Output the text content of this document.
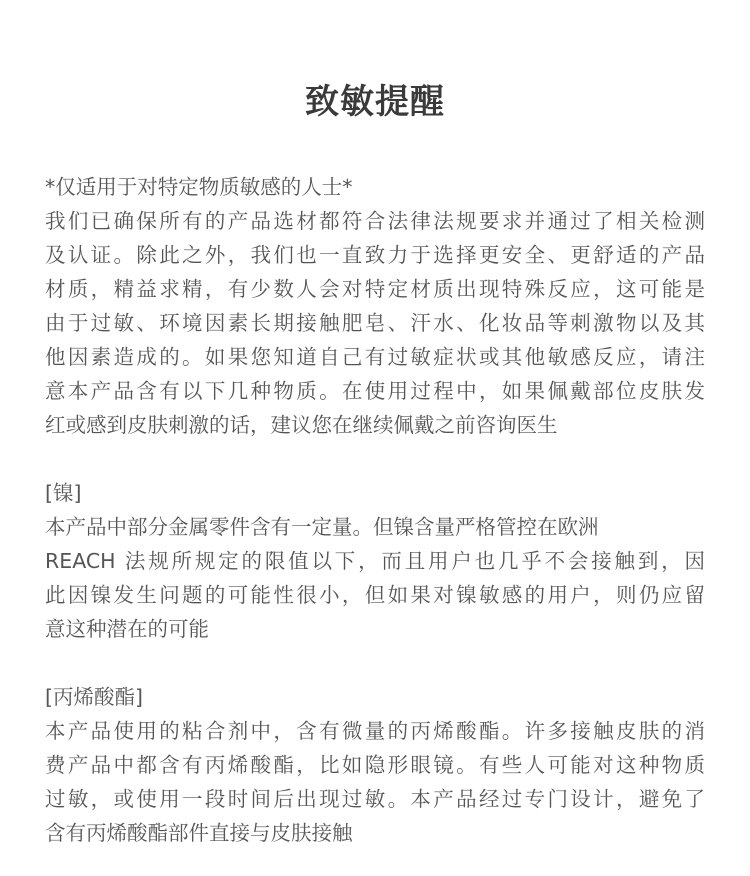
致敏提醒
*仅适用于对特定物质敏感的人士*
我们已确保所有的产品选材都符合法律法规要求并通过了相关检测
及认证。除此之外，我们也一直致力于选择更安全、更舒适的产品
材质，精益求精，有少数人会对特定材质出现特殊反应，这可能是
由于过敏、环境因素长期接触肥皂、汗水、化妆品等刺激物以及其
他因素造成的。如果您知道自己有过敏症状或其他敏感反应，请注
意本产品含有以下几种物质。在使用过程中，如果佩戴部位皮肤发
红或感到皮肤刺激的话，建议您在继续佩戴之前咨询医生
[镍]
本产品中部分金属零件含有一定量。但镍含量严格管控在欧洲
REACH 法规所规定的限值以下，而且用户也几乎不会接触到，因
此因镍发生问题的可能性很小，但如果对镍敏感的用户，则仍应留
意这种潜在的可能
[丙烯酸酯]
本产品使用的粘合剂中，含有微量的丙烯酸酯。许多接触皮肤的消
费产品中都含有丙烯酸酯，比如隐形眼镜。有些人可能对这种物质
过敏，或使用一段时间后出现过敏。本产品经过专门设计，避免了
含有丙烯酸酯部件直接与皮肤接触
